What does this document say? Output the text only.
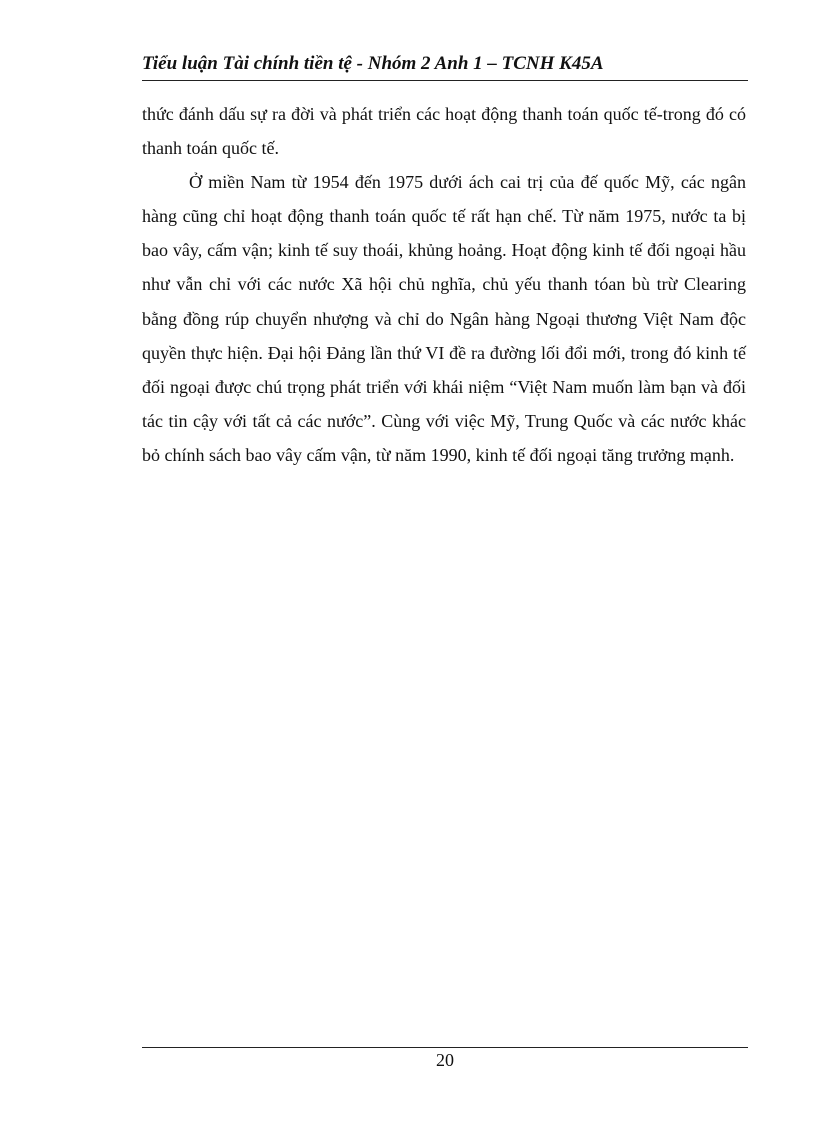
Tiểu luận Tài chính tiền tệ - Nhóm 2 Anh 1 – TCNH K45A

thức đánh dấu sự ra đời và phát triển các hoạt động thanh toán quốc tế-trong đó có thanh toán quốc tế.

Ở miền Nam từ 1954 đến 1975 dưới ách cai trị của đế quốc Mỹ, các ngân hàng cũng chỉ hoạt động thanh toán quốc tế rất hạn chế. Từ năm 1975, nước ta bị bao vây, cấm vận; kinh tế suy thoái, khủng hoảng. Hoạt động kinh tế đối ngoại hầu như vẫn chỉ với các nước Xã hội chủ nghĩa, chủ yếu thanh tóan bù trừ Clearing bằng đồng rúp chuyển nhượng và chỉ do Ngân hàng Ngoại thương Việt Nam độc quyền thực hiện. Đại hội Đảng lần thứ VI đề ra đường lối đổi mới, trong đó kinh tế đối ngoại được chú trọng phát triển với khái niệm “Việt Nam muốn làm bạn và đối tác tin cậy với tất cả các nước”. Cùng với việc Mỹ, Trung Quốc và các nước khác bỏ chính sách bao vây cấm vận, từ năm 1990, kinh tế đối ngoại tăng trưởng mạnh.

20
